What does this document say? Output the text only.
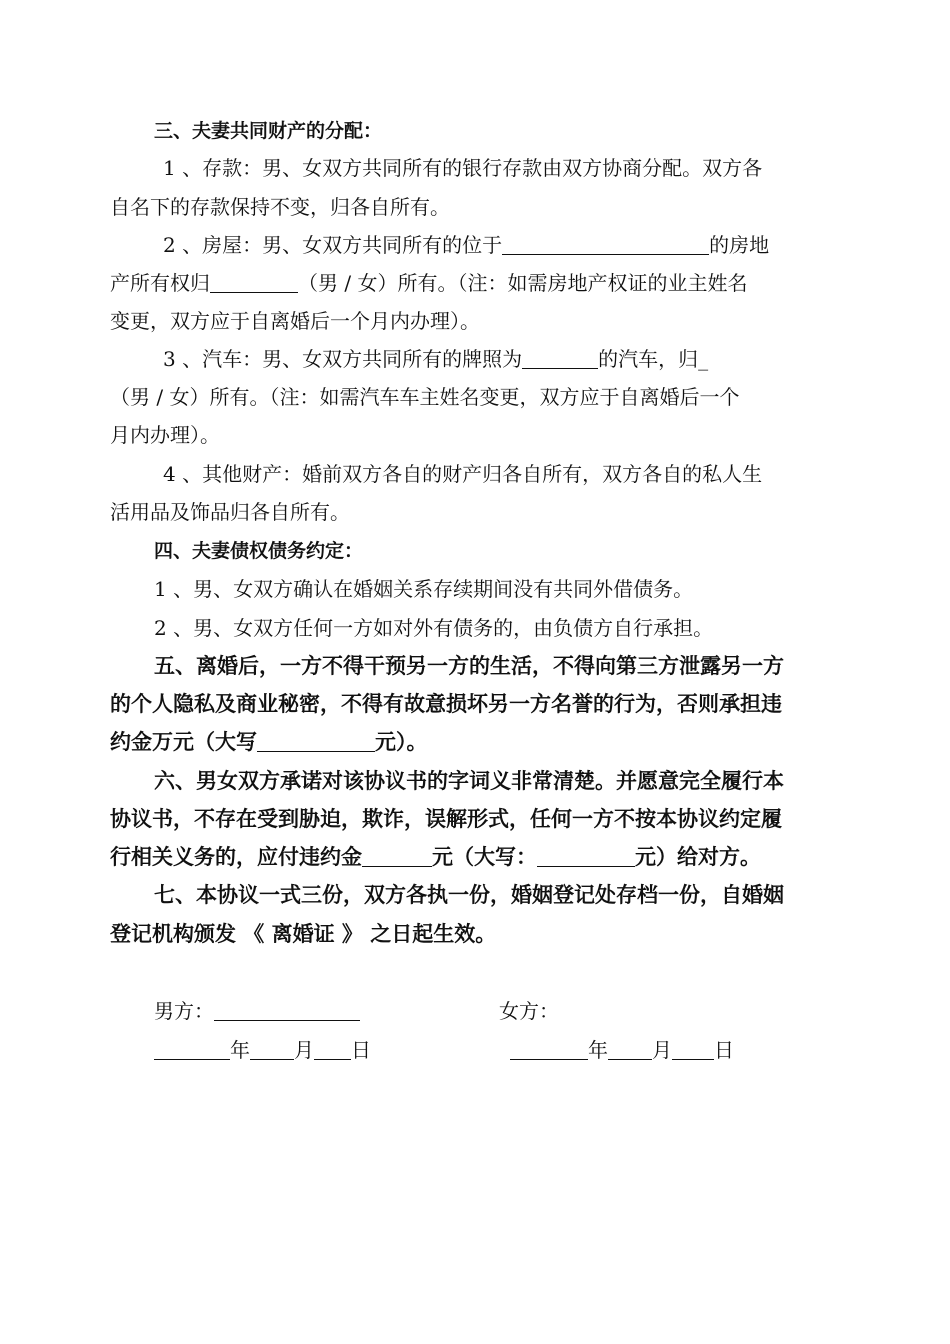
三、夫妻共同财产的分配：

1 、存款：男、女双方共同所有的银行存款由双方协商分配。双方各

自名下的存款保持不变，归各自所有。

2 、房屋：男、女双方共同所有的位于	的房地

产所有权归	（男 / 女）所有。（注：如需房地产权证的业主姓名

变更，双方应于自离婚后一个月内办理）。

3 、汽车：男、女双方共同所有的牌照为	的汽车，归_

（男 / 女）所有。（注：如需汽车车主姓名变更，双方应于自离婚后一个

月内办理）。

4 、其他财产：婚前双方各自的财产归各自所有，双方各自的私人生

活用品及饰品归各自所有。

四、夫妻债权债务约定：

1 、男、女双方确认在婚姻关系存续期间没有共同外借债务。

2 、男、女双方任何一方如对外有债务的，由负债方自行承担。

五、离婚后，一方不得干预另一方的生活，不得向第三方泄露另一方

的个人隐私及商业秘密，不得有故意损坏另一方名誉的行为，否则承担违

约金万元（大写	元）。

六、男女双方承诺对该协议书的字词义非常清楚。并愿意完全履行本

协议书，不存在受到胁迫，欺诈，误解形式，任何一方不按本协议约定履

行相关义务的，应付违约金	元（大写：	元）给对方。

七、本协议一式三份，双方各执一份，婚姻登记处存档一份，自婚姻

登记机构颁发 《 离婚证 》 之日起生效。

男方：	女方：

年 月 日	年 月 日
